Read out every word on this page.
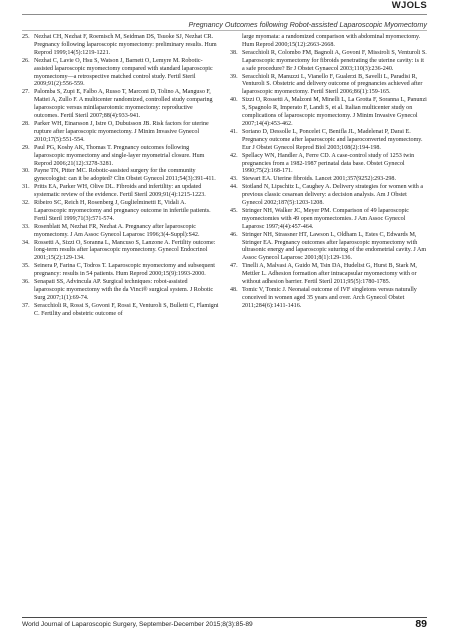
WJOLS
Pregnancy Outcomes following Robot-assisted Laparoscopic Myomectomy
25. Nezhat CH, Nezhat F, Roemisch M, Seidman DS, Tsuoke SJ, Nezhat CR. Pregnancy following laparoscopic myomectomy: preliminary results. Hum Reprod 1999;14(5):1219-1221.
26. Nezhat C, Lavie O, Hsu S, Watson J, Barnett O, Lemyre M. Robotic-assisted laparoscopic myomectomy compared with standard laparoscopic myomectomy—a retrospective matched control study. Fertil Steril 2009;91(2):556-559.
27. Palomba S, Zupi E, Falbo A, Russo T, Marconi D, Tolino A, Manguso F, Mattei A, Zullo F. A multicenter randomized, controlled study comparing laparoscopic versus minilaparotomic myomectomy: reproductive outcomes. Fertil Steril 2007;88(4):933-941.
28. Parker WH, Einarsson J, Istre O, Dubuisson JB. Risk factors for uterine rupture after laparoscopic myomectomy. J Minim Invasive Gynecol 2010;17(5):551-554.
29. Paul PG, Koshy AK, Thomas T. Pregnancy outcomes following laparoscopic myomectomy and single-layer myometrial closure. Hum Reprod 2006;21(12):3278-3281.
30. Payne TN, Pitter MC. Robotic-assisted surgery for the community gynecologist: can it be adopted? Clin Obstet Gynecol 2011;54(3):391-411.
31. Pritts EA, Parker WH, Olive DL. Fibroids and infertility: an updated systematic review of the evidence. Fertil Steril 2009;91(4):1215-1223.
32. Ribeiro SC, Reich H, Rosenberg J, Guglielminetti E, Vidali A. Laparoscopic myomectomy and pregnancy outcome in infertile patients. Fertil Steril 1999;71(3):571-574.
33. Rosenblatt M, Nezhat FR, Nezhat A. Pregnancy after laparoscopic myomectomy. J Am Assoc Gynecol Laparosc 1996;3(4-Suppl):S42.
34. Rossetti A, Sizzi O, Soranna L, Mancuso S, Lanzone A. Fertility outcome: long-term results after laparoscopic myomectomy. Gynecol Endocrinol 2001;15(2):129-134.
35. Seinera P, Farina C, Todros T. Laparoscopic myomectomy and subsequent pregnancy: results in 54 patients. Hum Reprod 2000;15(9):1993-2000.
36. Senapati SS, Advincula AP. Surgical techniques: robot-assisted laparoscopic myomectomy with the da Vinci® surgical system. J Robotic Surg 2007;1(1):69-74.
37. Seracchioli R, Rossi S, Govoni F, Rossi E, Venturoli S, Bulletti C, Flamigni C. Fertility and obstetric outcome of
large myomata: a randomized comparison with abdominal myomectomy. Hum Reprod 2000;15(12):2663-2668.
38. Seracchioli R, Colombo FM, Bagnoli A, Govoni F, Missiroli S, Venturoli S. Laparoscopic myomectomy for fibroids penetrating the uterine cavity: is it a safe procedure? Br J Obstet Gynaecol 2003;110(3):236-240.
39. Seracchioli R, Manuzzi L, Vianello F, Gualerzi B, Savelli L, Paradisi R, Venturoli S. Obstetric and delivery outcome of pregnancies achieved after laparoscopic myomectomy. Fertil Steril 2006;86(1):159-165.
40. Sizzi O, Rossetti A, Malzoni M, Minelli L, La Grotta F, Soranna L, Panunzi S, Spagnolo R, Imperato F, Landi S, et al. Italian multicenter study on complications of laparoscopic myomectomy. J Minim Invasive Gynecol 2007;14(4):453-462.
41. Soriano D, Dessolle L, Poncelet C, Benifla JL, Madelenat P, Darai E. Pregnancy outcome after laparoscopic and laparoconverted myomectomy. Eur J Obstet Gynecol Reprod Biol 2003;108(2):194-198.
42. Spellacy WN, Handler A, Ferre CD. A case-control study of 1253 twin pregnancies from a 1982-1987 perinatal data base. Obstet Gynecol 1990;75(2):168-171.
43. Stewart EA. Uterine fibroids. Lancet 2001;357(9252):293-298.
44. Stotland N, Lipschitz L, Caughey A. Delivery strategies for women with a previous classic cesarean delivery: a decision analysis. Am J Obstet Gynecol 2002;187(5):1203-1208.
45. Stringer NH, Walker JC, Meyer PM. Comparison of 49 laparoscopic myomectomies with 49 open myomectomies. J Am Assoc Gynecol Laparosc 1997;4(4):457-464.
46. Stringer NH, Strassner HT, Lawson L, Oldham L, Estes C, Edwards M, Stringer EA. Pregnancy outcomes after laparoscopic myomectomy with ultrasonic energy and laparoscopic suturing of the endometrial cavity. J Am Assoc Gynecol Laparosc 2001;8(1):129-136.
47. Tinelli A, Malvasi A, Guido M, Tsin DA, Hudelist G, Hurst B, Stark M, Mettler L. Adhesion formation after intracapsular myomectomy with or without adhesion barrier. Fertil Steril 2011;95(5):1780-1785.
48. Tomic V, Tomic J. Neonatal outcome of IVF singletons versus naturally conceived in women aged 35 years and over. Arch Gynecol Obstet 2011;284(6):1411-1416.
World Journal of Laparoscopic Surgery, September-December 2015;8(3):85-89	89
